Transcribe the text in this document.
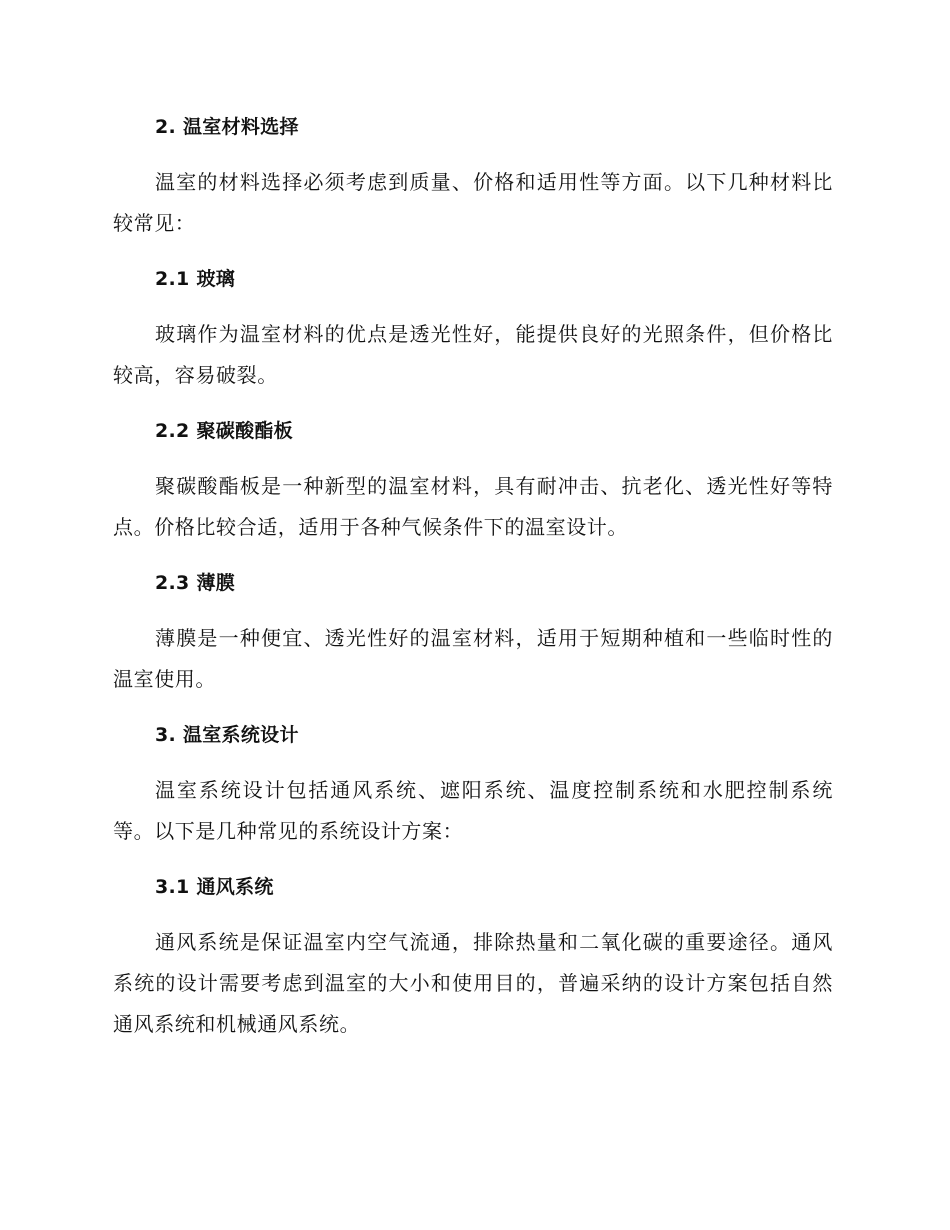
2. 温室材料选择
温室的材料选择必须考虑到质量、价格和适用性等方面。以下几种材料比较常见：
2.1 玻璃
玻璃作为温室材料的优点是透光性好，能提供良好的光照条件，但价格比较高，容易破裂。
2.2 聚碳酸酯板
聚碳酸酯板是一种新型的温室材料，具有耐冲击、抗老化、透光性好等特点。价格比较合适，适用于各种气候条件下的温室设计。
2.3 薄膜
薄膜是一种便宜、透光性好的温室材料，适用于短期种植和一些临时性的温室使用。
3. 温室系统设计
温室系统设计包括通风系统、遮阳系统、温度控制系统和水肥控制系统等。以下是几种常见的系统设计方案：
3.1 通风系统
通风系统是保证温室内空气流通，排除热量和二氧化碳的重要途径。通风系统的设计需要考虑到温室的大小和使用目的，普遍采纳的设计方案包括自然通风系统和机械通风系统。
